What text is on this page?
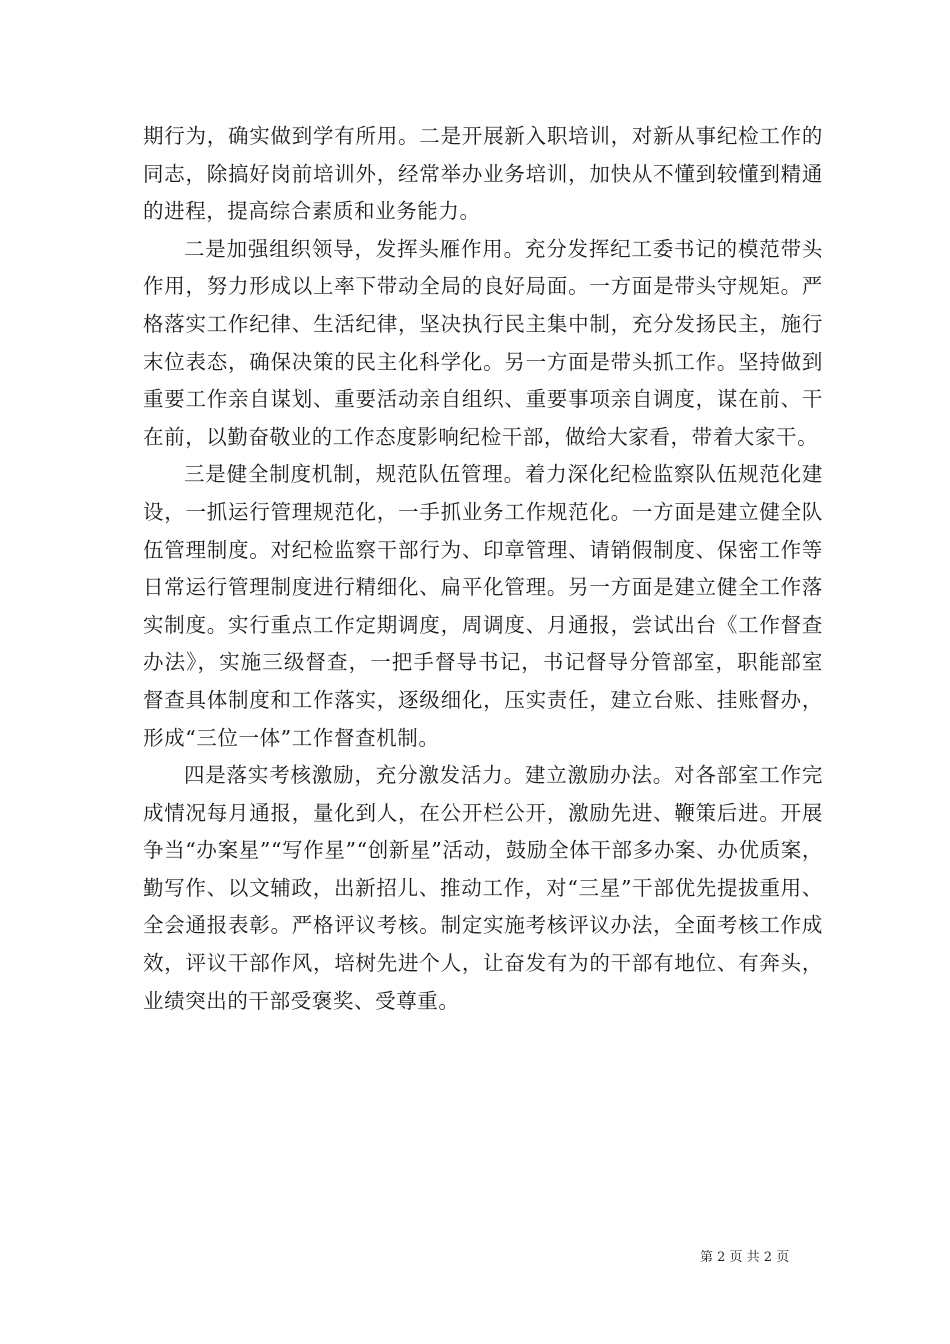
期行为，确实做到学有所用。二是开展新入职培训，对新从事纪检工作的同志，除搞好岗前培训外，经常举办业务培训，加快从不懂到较懂到精通的进程，提高综合素质和业务能力。

二是加强组织领导，发挥头雁作用。充分发挥纪工委书记的模范带头作用，努力形成以上率下带动全局的良好局面。一方面是带头守规矩。严格落实工作纪律、生活纪律，坚决执行民主集中制，充分发扬民主，施行末位表态，确保决策的民主化科学化。另一方面是带头抓工作。坚持做到重要工作亲自谋划、重要活动亲自组织、重要事项亲自调度，谋在前、干在前，以勤奋敬业的工作态度影响纪检干部，做给大家看，带着大家干。

三是健全制度机制，规范队伍管理。着力深化纪检监察队伍规范化建设，一抓运行管理规范化，一手抓业务工作规范化。一方面是建立健全队伍管理制度。对纪检监察干部行为、印章管理、请销假制度、保密工作等日常运行管理制度进行精细化、扁平化管理。另一方面是建立健全工作落实制度。实行重点工作定期调度，周调度、月通报，尝试出台《工作督查办法》，实施三级督查，一把手督导书记，书记督导分管部室，职能部室督查具体制度和工作落实，逐级细化，压实责任，建立台账、挂账督办，形成“三位一体”工作督查机制。

四是落实考核激励，充分激发活力。建立激励办法。对各部室工作完成情况每月通报，量化到人，在公开栏公开，激励先进、鞭策后进。开展争当“办案星”“写作星”“创新星”活动，鼓励全体干部多办案、办优质案，勤写作、以文辅政，出新招儿、推动工作，对“三星”干部优先提拔重用、全会通报表彰。严格评议考核。制定实施考核评议办法，全面考核工作成效，评议干部作风，培树先进个人，让奋发有为的干部有地位、有奔头，业绩突出的干部受褒奖、受尊重。

第 2 页 共 2 页
